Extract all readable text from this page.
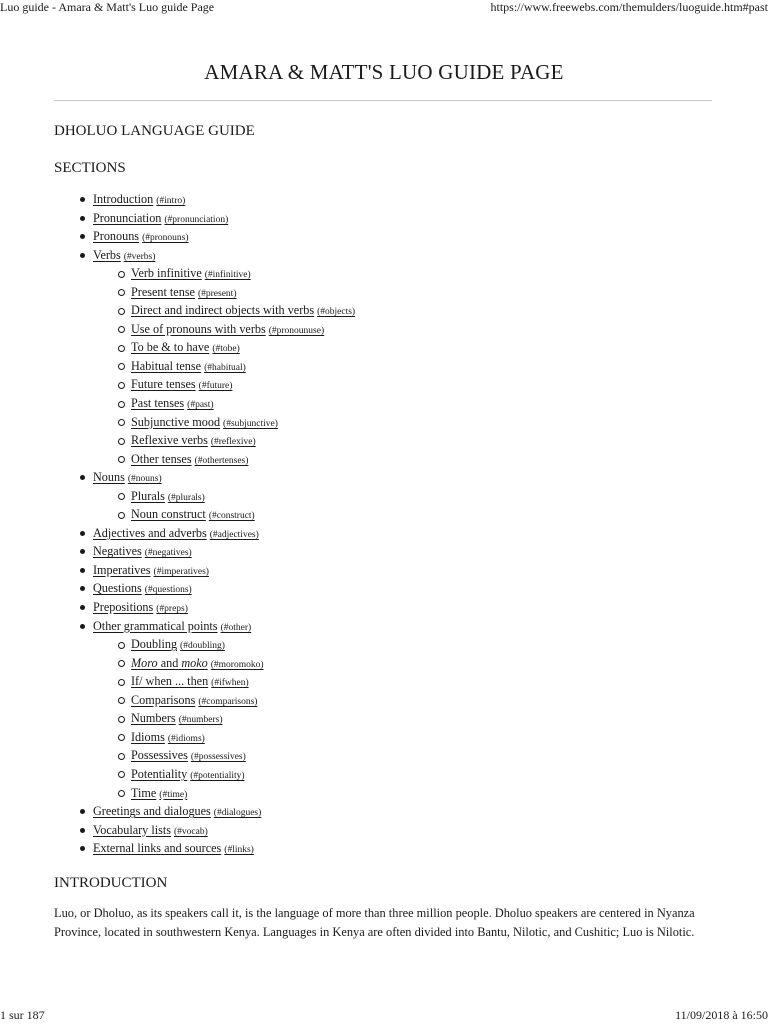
Luo guide - Amara & Matt's Luo guide Page	https://www.freewebs.com/themulders/luoguide.htm#past
AMARA & MATT'S LUO GUIDE PAGE
DHOLUO LANGUAGE GUIDE
SECTIONS
Introduction (#intro)
Pronunciation (#pronunciation)
Pronouns (#pronouns)
Verbs (#verbs)
Verb infinitive (#infinitive)
Present tense (#present)
Direct and indirect objects with verbs (#objects)
Use of pronouns with verbs (#pronounuse)
To be & to have (#tobe)
Habitual tense (#habitual)
Future tenses (#future)
Past tenses (#past)
Subjunctive mood (#subjunctive)
Reflexive verbs (#reflexive)
Other tenses (#othertenses)
Nouns (#nouns)
Plurals (#plurals)
Noun construct (#construct)
Adjectives and adverbs (#adjectives)
Negatives (#negatives)
Imperatives (#imperatives)
Questions (#questions)
Prepositions (#preps)
Other grammatical points (#other)
Doubling (#doubling)
Moro and moko (#moromoko)
If/ when ... then (#ifwhen)
Comparisons (#comparisons)
Numbers (#numbers)
Idioms (#idioms)
Possessives (#possessives)
Potentiality (#potentiality)
Time (#time)
Greetings and dialogues (#dialogues)
Vocabulary lists (#vocab)
External links and sources (#links)
INTRODUCTION
Luo, or Dholuo, as its speakers call it, is the language of more than three million people. Dholuo speakers are centered in Nyanza Province, located in southwestern Kenya. Languages in Kenya are often divided into Bantu, Nilotic, and Cushitic; Luo is Nilotic.
1 sur 187	11/09/2018 à 16:50
